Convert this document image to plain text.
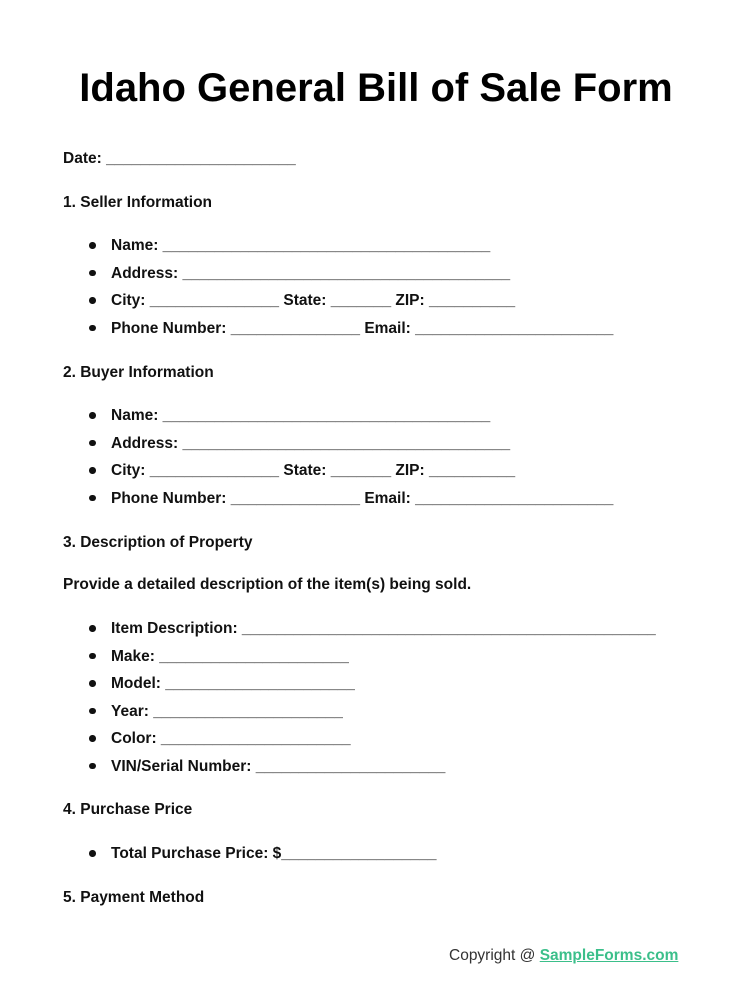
Idaho General Bill of Sale Form
Date: ______________________
1. Seller Information
Name: ______________________________________
Address: ______________________________________
City: _______________ State: _______ ZIP: __________
Phone Number: _______________ Email: _______________________
2. Buyer Information
Name: ______________________________________
Address: ______________________________________
City: _______________ State: _______ ZIP: __________
Phone Number: _______________ Email: _______________________
3. Description of Property
Provide a detailed description of the item(s) being sold.
Item Description: ________________________________________________
Make: ______________________
Model: ______________________
Year: ______________________
Color: ______________________
VIN/Serial Number: ______________________
4. Purchase Price
Total Purchase Price: $__________________
5. Payment Method
Copyright @ SampleForms.com
